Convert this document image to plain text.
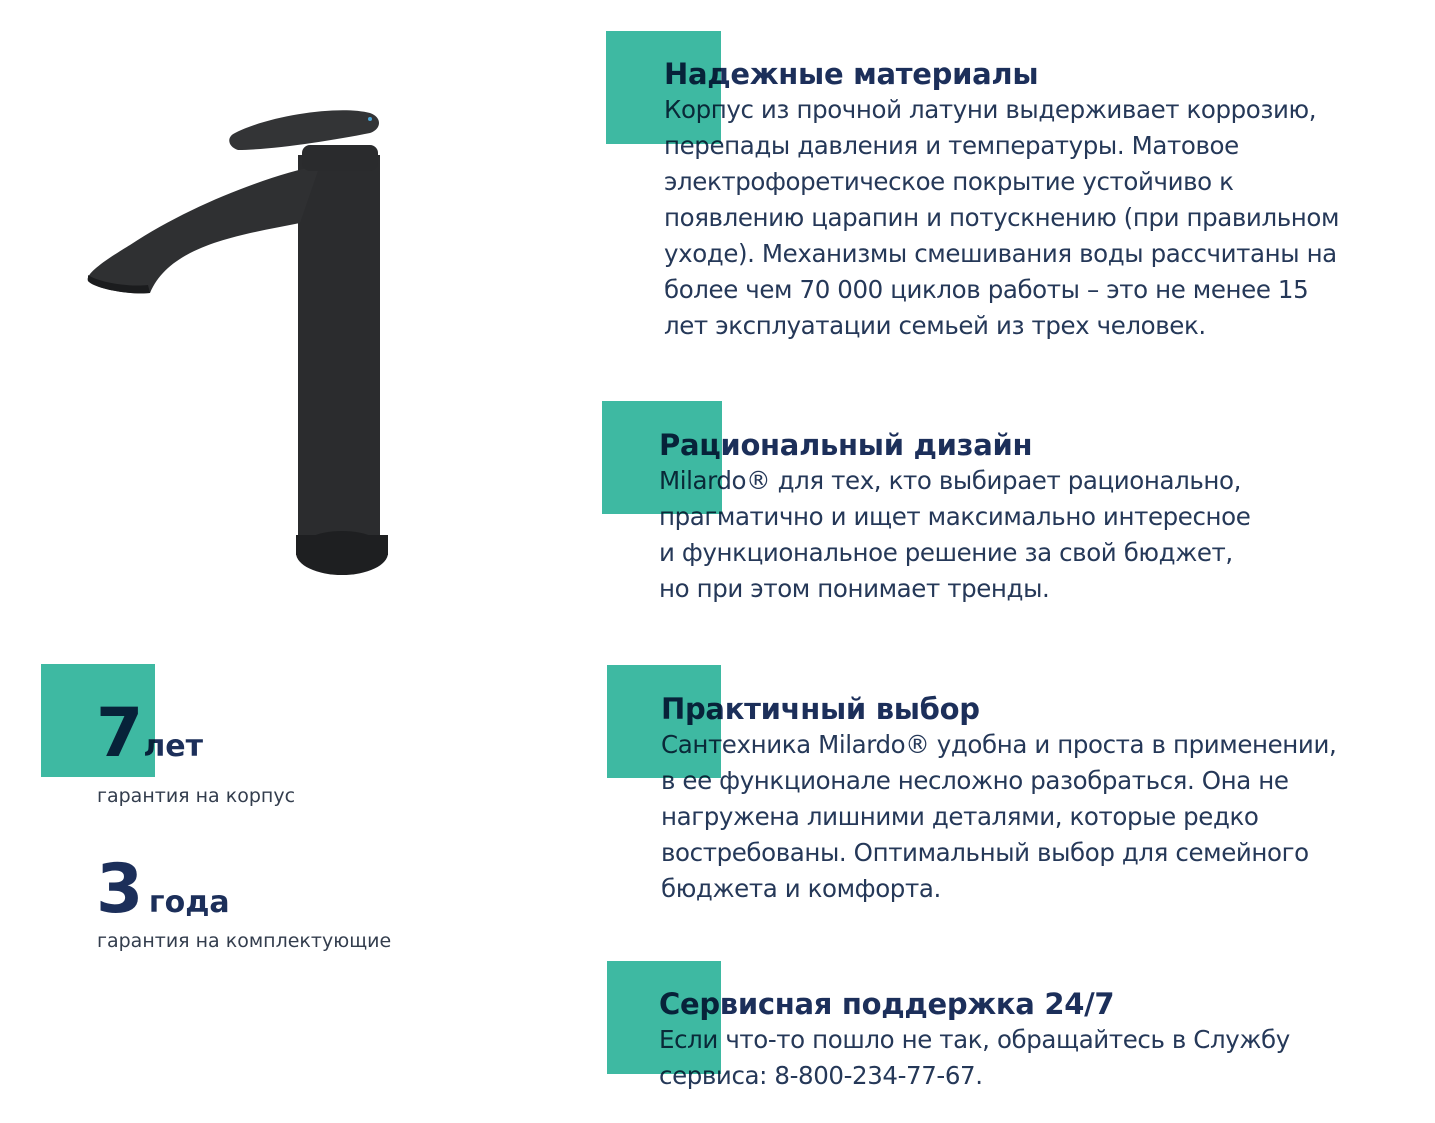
7лет
гарантия на корпус
3 года
гарантия на комплектующие
Надежные материалы
Корпус из прочной латуни выдерживает коррозию,
перепады давления и температуры. Матовое
электрофоретическое покрытие устойчиво к
появлению царапин и потускнению (при правильном
уходе). Механизмы смешивания воды рассчитаны на
более чем 70 000 циклов работы – это не менее 15
лет эксплуатации семьей из трех человек.
Рациональный дизайн
Milardo® для тех, кто выбирает рационально,
прагматично и ищет максимально интересное
и функциональное решение за свой бюджет,
но при этом понимает тренды.
Практичный выбор
Сантехника Milardo® удобна и проста в применении,
в ее функционале несложно разобраться. Она не
нагружена лишними деталями, которые редко
востребованы. Оптимальный выбор для семейного
бюджета и комфорта.
Сервисная поддержка 24/7
Если что-то пошло не так, обращайтесь в Службу
сервиса: 8-800-234-77-67.
